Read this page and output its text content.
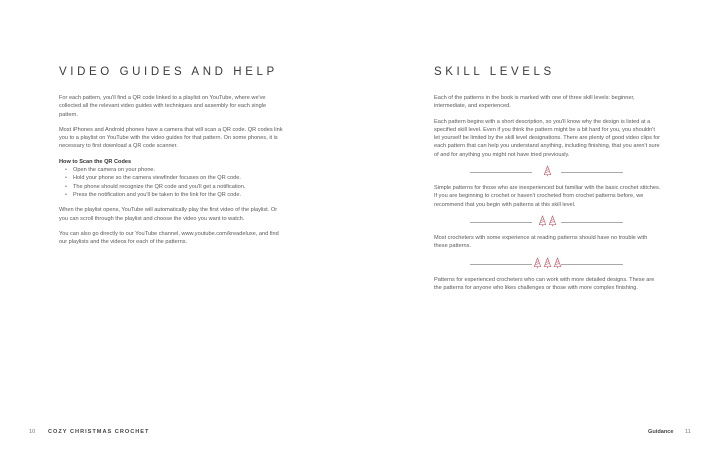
VIDEO GUIDES AND HELP

For each pattern, you'll find a QR code linked to a playlist on YouTube, where we've collected all the relevant video guides with techniques and assembly for each single pattern.

Most iPhones and Android phones have a camera that will scan a QR code. QR codes link you to a playlist on YouTube with the video guides for that pattern. On some phones, it is necessary to first download a QR code scanner.

How to Scan the QR Codes

• Open the camera on your phone.
• Hold your phone so the camera viewfinder focuses on the QR code.
• The phone should recognize the QR code and you'll get a notification.
• Press the notification and you'll be taken to the link for the QR code.

When the playlist opens, YouTube will automatically play the first video of the playlist. Or you can scroll through the playlist and choose the video you want to watch.

You can also go directly to our YouTube channel, www.youtube.com/kreadeluxe, and find our playlists and the videos for each of the patterns.

10 COZY CHRISTMAS CROCHET
SKILL LEVELS

Each of the patterns in the book is marked with one of three skill levels: beginner, intermediate, and experienced.

Each pattern begins with a short description, so you'll know why the design is listed at a specified skill level. Even if you think the pattern might be a bit hard for you, you shouldn't let yourself be limited by the skill level designations. There are plenty of good video clips for each pattern that can help you understand anything, including finishing, that you aren't sure of and for anything you might not have tried previously.

Simple patterns for those who are inexperienced but familiar with the basic crochet stitches. If you are beginning to crochet or haven't crocheted from crochet patterns before, we recommend that you begin with patterns at this skill level.

Most crocheters with some experience at reading patterns should have no trouble with these patterns.

Patterns for experienced crocheters who can work with more detailed designs. These are the patterns for anyone who likes challenges or those with more complex finishing.

Guidance 11
